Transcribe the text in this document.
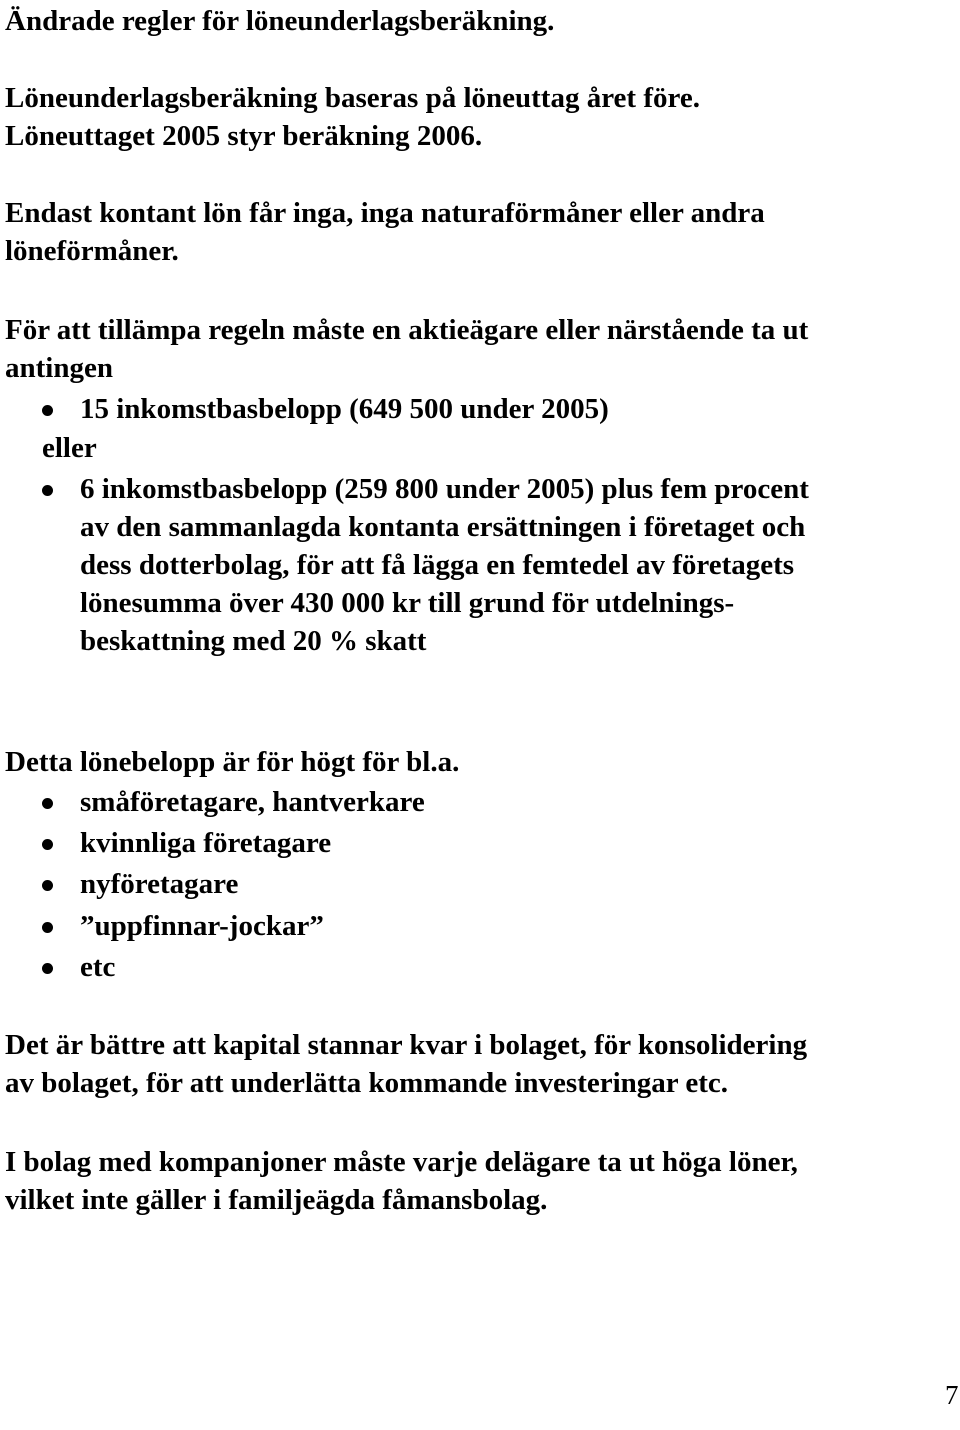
Ändrade regler för löneunderlagsberäkning.
Löneunderlagsberäkning baseras på löneuttag året före.
Löneuttaget 2005 styr beräkning 2006.
Endast kontant lön får inga, inga naturaförmåner eller andra
löneförmåner.
För att tillämpa regeln måste en aktieägare eller närstående ta ut
antingen
15 inkomstbasbelopp (649 500 under 2005)
eller
6 inkomstbasbelopp (259 800 under 2005) plus fem procent
av den sammanlagda kontanta ersättningen i företaget och
dess dotterbolag, för att få lägga en femtedel av företagets
lönesumma över 430 000 kr till grund för utdelnings-
beskattning med 20 % skatt
Detta lönebelopp är för högt för bl.a.
småföretagare, hantverkare
kvinnliga företagare
nyföretagare
”uppfinnar-jockar”
etc
Det är bättre att kapital stannar kvar i bolaget, för konsolidering
av bolaget, för att underlätta kommande investeringar etc.
I bolag med kompanjoner måste varje delägare ta ut höga löner,
vilket inte gäller i familjeägda fåmansbolag.
7
